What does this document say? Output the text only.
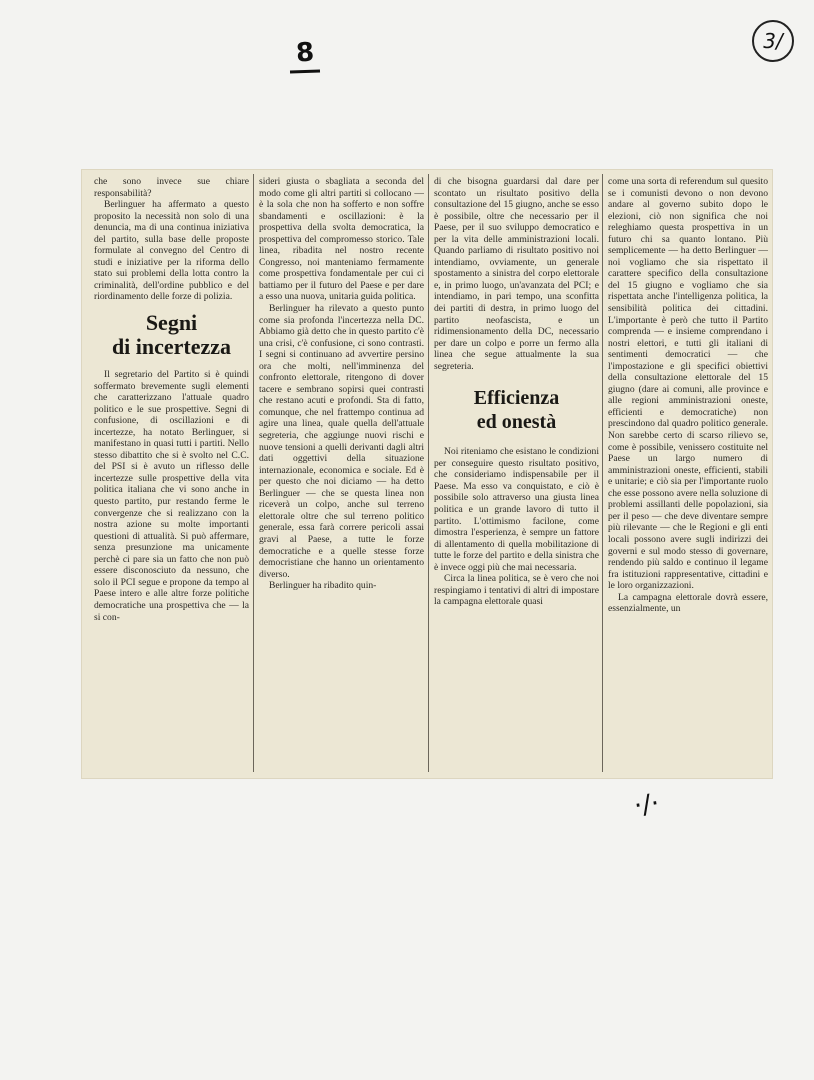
8	3/
·/·

che sono invece sue chiare responsabilità?

Berlinguer ha affermato a questo proposito la necessità non solo di una denuncia, ma di una continua iniziativa del partito, sulla base delle proposte formulate al convegno del Centro di studi e iniziative per la riforma dello stato sui problemi della lotta contro la criminalità, dell'ordine pubblico e del riordinamento delle forze di polizia.

Segni
di incertezza

Il segretario del Partito si è quindi soffermato brevemente sugli elementi che caratterizzano l'attuale quadro politico e le sue prospettive. Segni di confusione, di oscillazioni e di incertezze, ha notato Berlinguer, si manifestano in quasi tutti i partiti. Nello stesso dibattito che si è svolto nel C.C. del PSI si è avuto un riflesso delle incertezze sulle prospettive della vita politica italiana che vi sono anche in questo partito, pur restando ferme le convergenze che si realizzano con la nostra azione su molte importanti questioni di attualità. Si può affermare, senza presunzione ma unicamente perchè ci pare sia un fatto che non può essere disconosciuto da nessuno, che solo il PCI segue e propone da tempo al Paese intero e alle altre forze politiche democratiche una prospettiva che — la si con-

sideri giusta o sbagliata a seconda del modo come gli altri partiti si collocano — è la sola che non ha sofferto e non soffre sbandamenti e oscillazioni: è la prospettiva della svolta democratica, la prospettiva del compromesso storico. Tale linea, ribadita nel nostro recente Congresso, noi manteniamo fermamente come prospettiva fondamentale per cui ci battiamo per il futuro del Paese e per dare a esso una nuova, unitaria guida politica.

Berlinguer ha rilevato a questo punto come sia profonda l'incertezza nella DC. Abbiamo già detto che in questo partito c'è una crisi, c'è confusione, ci sono contrasti. I segni si continuano ad avvertire persino ora che molti, nell'imminenza del confronto elettorale, ritengono di dover tacere e sembrano sopirsi quei contrasti che restano acuti e profondi. Sta di fatto, comunque, che nel frattempo continua ad agire una linea, quale quella dell'attuale segreteria, che aggiunge nuovi rischi e nuove tensioni a quelli derivanti dagli altri dati oggettivi della situazione internazionale, economica e sociale. Ed è per questo che noi diciamo — ha detto Berlinguer — che se questa linea non riceverà un colpo, anche sul terreno elettorale oltre che sul terreno politico generale, essa farà correre pericoli assai gravi al Paese, a tutte le forze democratiche e a quelle stesse forze democristiane che hanno un orientamento diverso.

Berlinguer ha ribadito quin-

di che bisogna guardarsi dal dare per scontato un risultato positivo della consultazione del 15 giugno, anche se esso è possibile, oltre che necessario per il Paese, per il suo sviluppo democratico e per la vita delle amministrazioni locali. Quando parliamo di risultato positivo noi intendiamo, ovviamente, un generale spostamento a sinistra del corpo elettorale e, in primo luogo, un'avanzata del PCI; e intendiamo, in pari tempo, una sconfitta dei partiti di destra, in primo luogo del partito neofascista, e un ridimensionamento della DC, necessario per dare un colpo e porre un fermo alla linea che segue attualmente la sua segreteria.

Efficienza
ed onestà

Noi riteniamo che esistano le condizioni per conseguire questo risultato positivo, che consideriamo indispensabile per il Paese. Ma esso va conquistato, e ciò è possibile solo attraverso una giusta linea politica e un grande lavoro di tutto il partito. L'ottimismo facilone, come dimostra l'esperienza, è sempre un fattore di allentamento di quella mobilitazione di tutte le forze del partito e della sinistra che è invece oggi più che mai necessaria.

Circa la linea politica, se è vero che noi respingiamo i tentativi di altri di impostare la campagna elettorale quasi

come una sorta di referendum sul quesito se i comunisti devono o non devono andare al governo subito dopo le elezioni, ciò non significa che noi releghiamo questa prospettiva in un futuro chi sa quanto lontano. Più semplicemente — ha detto Berlinguer — noi vogliamo che sia rispettato il carattere specifico della consultazione del 15 giugno e vogliamo che sia rispettata anche l'intelligenza politica, la sensibilità politica dei cittadini. L'importante è però che tutto il Partito comprenda — e insieme comprendano i nostri elettori, e tutti gli italiani di sentimenti democratici — che l'impostazione e gli specifici obiettivi della consultazione elettorale del 15 giugno (dare ai comuni, alle province e alle regioni amministrazioni oneste, efficienti e democratiche) non prescindono dal quadro politico generale. Non sarebbe certo di scarso rilievo se, come è possibile, venissero costituite nel Paese un largo numero di amministrazioni oneste, efficienti, stabili e unitarie; e ciò sia per l'importante ruolo che esse possono avere nella soluzione di problemi assillanti delle popolazioni, sia per il peso — che deve diventare sempre più rilevante — che le Regioni e gli enti locali possono avere sugli indirizzi dei governi e sul modo stesso di governare, rendendo più saldo e continuo il legame fra istituzioni rappresentative, cittadini e le loro organizzazioni.

La campagna elettorale dovrà essere, essenzialmente, un
